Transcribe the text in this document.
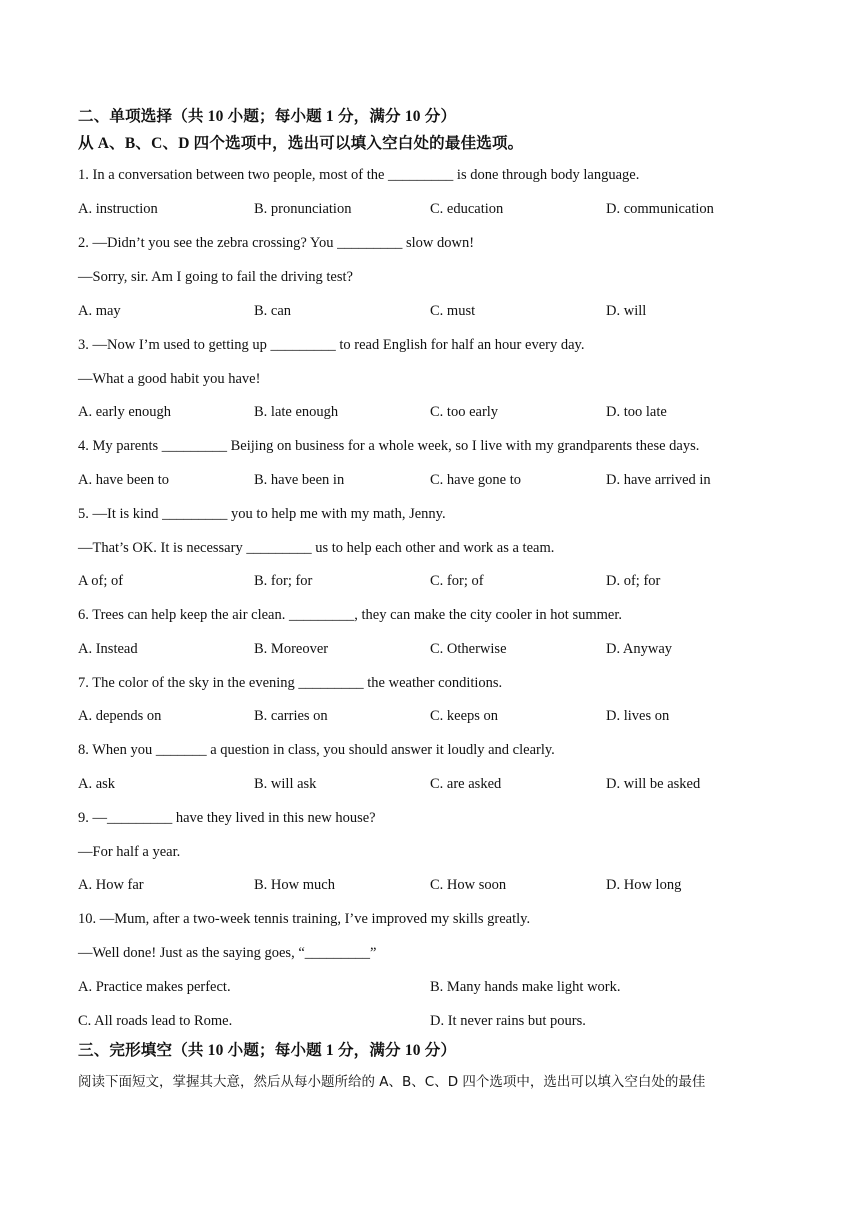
二、单项选择（共 10 小题；每小题 1 分，满分 10 分）
从 A、B、C、D 四个选项中，选出可以填入空白处的最佳选项。
1. In a conversation between two people, most of the _________ is done through body language.
A. instruction	B. pronunciation	C. education	D. communication
2. —Didn’t you see the zebra crossing? You _________ slow down!
—Sorry, sir. Am I going to fail the driving test?
A. may	B. can	C. must	D. will
3. —Now I’m used to getting up _________ to read English for half an hour every day.
—What a good habit you have!
A. early enough	B. late enough	C. too early	D. too late
4. My parents _________ Beijing on business for a whole week, so I live with my grandparents these days.
A. have been to	B. have been in	C. have gone to	D. have arrived in
5. —It is kind _________ you to help me with my math, Jenny.
—That’s OK. It is necessary _________ us to help each other and work as a team.
A of; of	B. for; for	C. for; of	D. of; for
6. Trees can help keep the air clean. _________, they can make the city cooler in hot summer.
A. Instead	B. Moreover	C. Otherwise	D. Anyway
7. The color of the sky in the evening _________ the weather conditions.
A. depends on	B. carries on	C. keeps on	D. lives on
8. When you _______ a question in class, you should answer it loudly and clearly.
A. ask	B. will ask	C. are asked	D. will be asked
9. —_________ have they lived in this new house?
—For half a year.
A. How far	B. How much	C. How soon	D. How long
10. —Mum, after a two-week tennis training, I’ve improved my skills greatly.
—Well done! Just as the saying goes, “_________”
A. Practice makes perfect.	B. Many hands make light work.
C. All roads lead to Rome.	D. It never rains but pours.
三、完形填空（共 10 小题；每小题 1 分，满分 10 分）
阅读下面短文，掌握其大意，然后从每小题所给的 A、B、C、D 四个选项中，选出可以填入空白处的最佳
